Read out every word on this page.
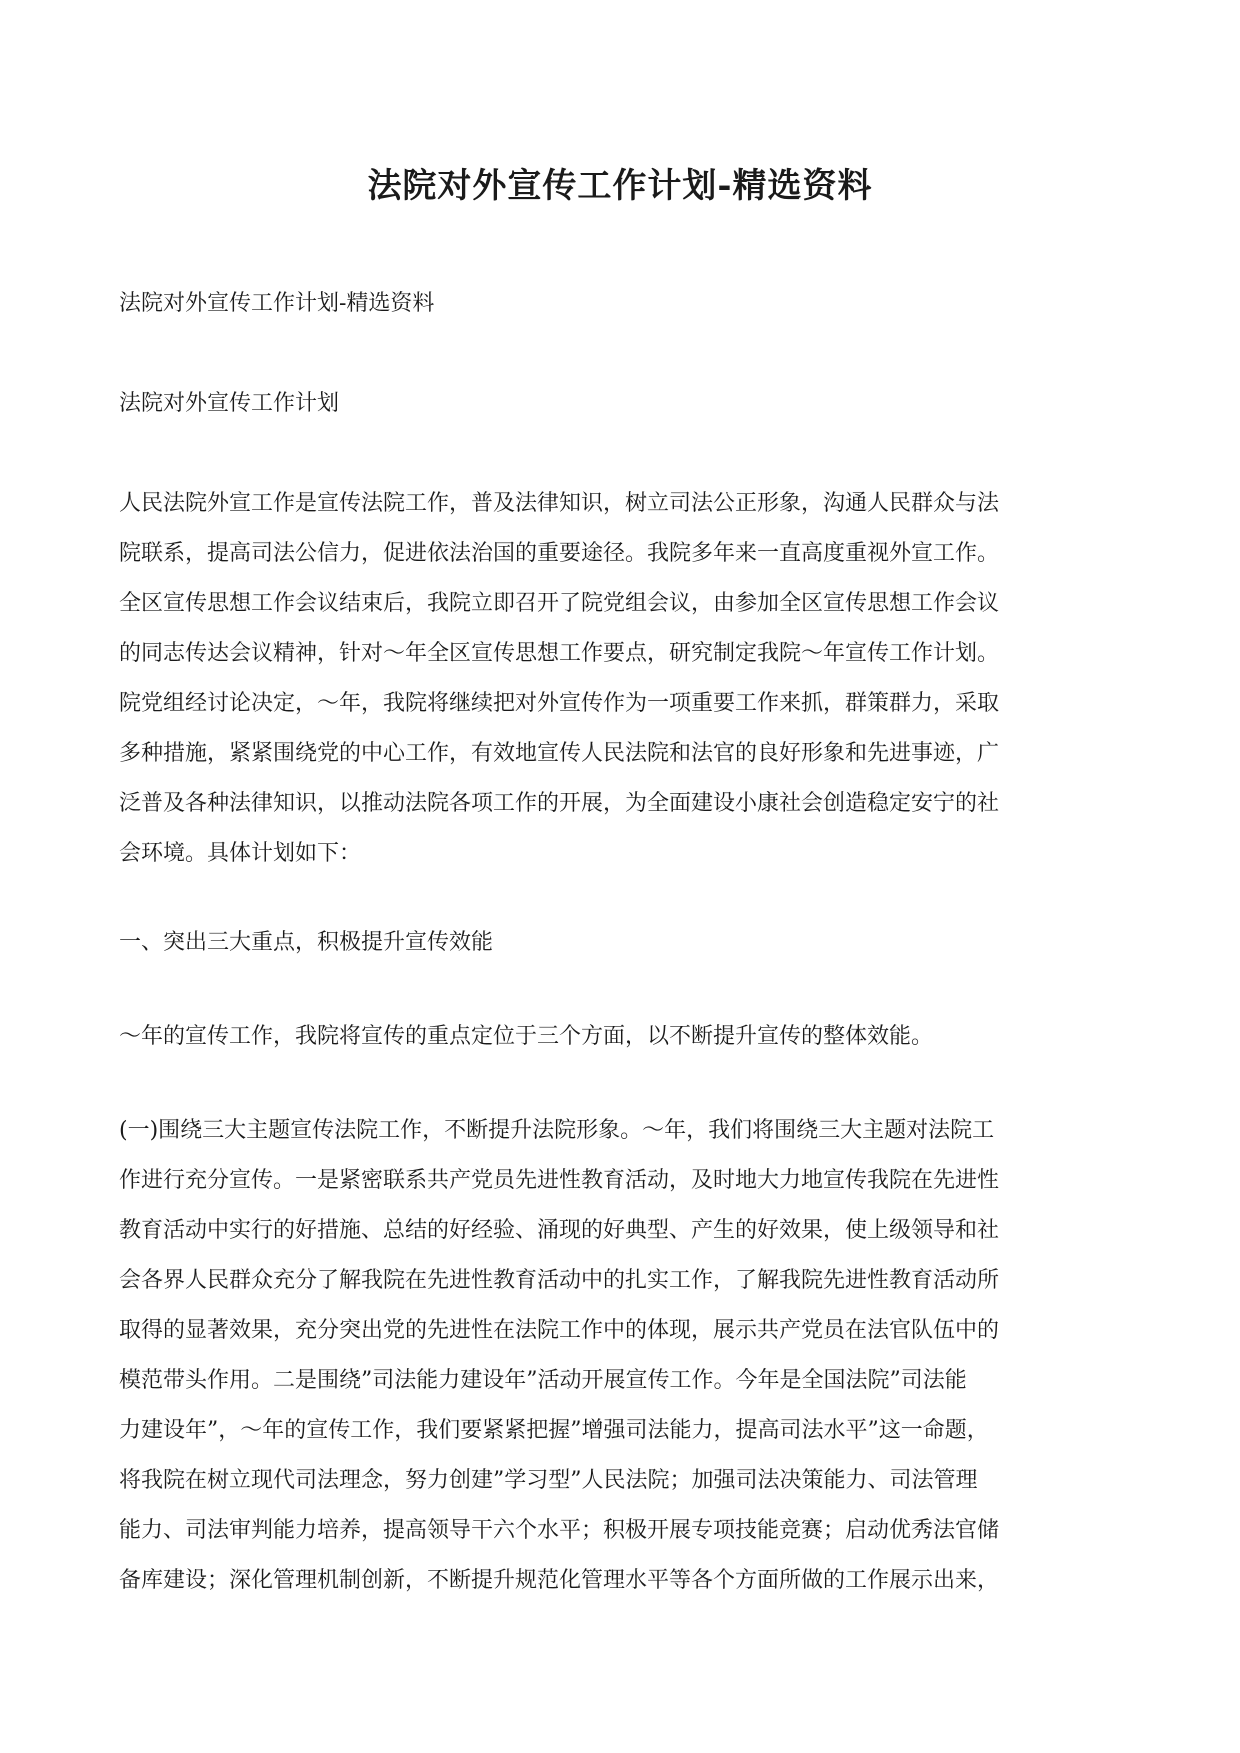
法院对外宣传工作计划-精选资料

法院对外宣传工作计划-精选资料

法院对外宣传工作计划

人民法院外宣工作是宣传法院工作，普及法律知识，树立司法公正形象，沟通人民群众与法
院联系，提高司法公信力，促进依法治国的重要途径。我院多年来一直高度重视外宣工作。
全区宣传思想工作会议结束后，我院立即召开了院党组会议，由参加全区宣传思想工作会议
的同志传达会议精神，针对～年全区宣传思想工作要点，研究制定我院～年宣传工作计划。
院党组经讨论决定，～年，我院将继续把对外宣传作为一项重要工作来抓，群策群力，采取
多种措施，紧紧围绕党的中心工作，有效地宣传人民法院和法官的良好形象和先进事迹，广
泛普及各种法律知识，以推动法院各项工作的开展，为全面建设小康社会创造稳定安宁的社
会环境。具体计划如下：

一、突出三大重点，积极提升宣传效能

～年的宣传工作，我院将宣传的重点定位于三个方面，以不断提升宣传的整体效能。

(一)围绕三大主题宣传法院工作，不断提升法院形象。～年，我们将围绕三大主题对法院工
作进行充分宣传。一是紧密联系共产党员先进性教育活动，及时地大力地宣传我院在先进性
教育活动中实行的好措施、总结的好经验、涌现的好典型、产生的好效果，使上级领导和社
会各界人民群众充分了解我院在先进性教育活动中的扎实工作，了解我院先进性教育活动所
取得的显著效果，充分突出党的先进性在法院工作中的体现，展示共产党员在法官队伍中的
模范带头作用。二是围绕”司法能力建设年”活动开展宣传工作。今年是全国法院”司法能
力建设年”，～年的宣传工作，我们要紧紧把握”增强司法能力，提高司法水平”这一命题，
将我院在树立现代司法理念，努力创建”学习型”人民法院；加强司法决策能力、司法管理
能力、司法审判能力培养，提高领导干六个水平；积极开展专项技能竞赛；启动优秀法官储
备库建设；深化管理机制创新，不断提升规范化管理水平等各个方面所做的工作展示出来，
